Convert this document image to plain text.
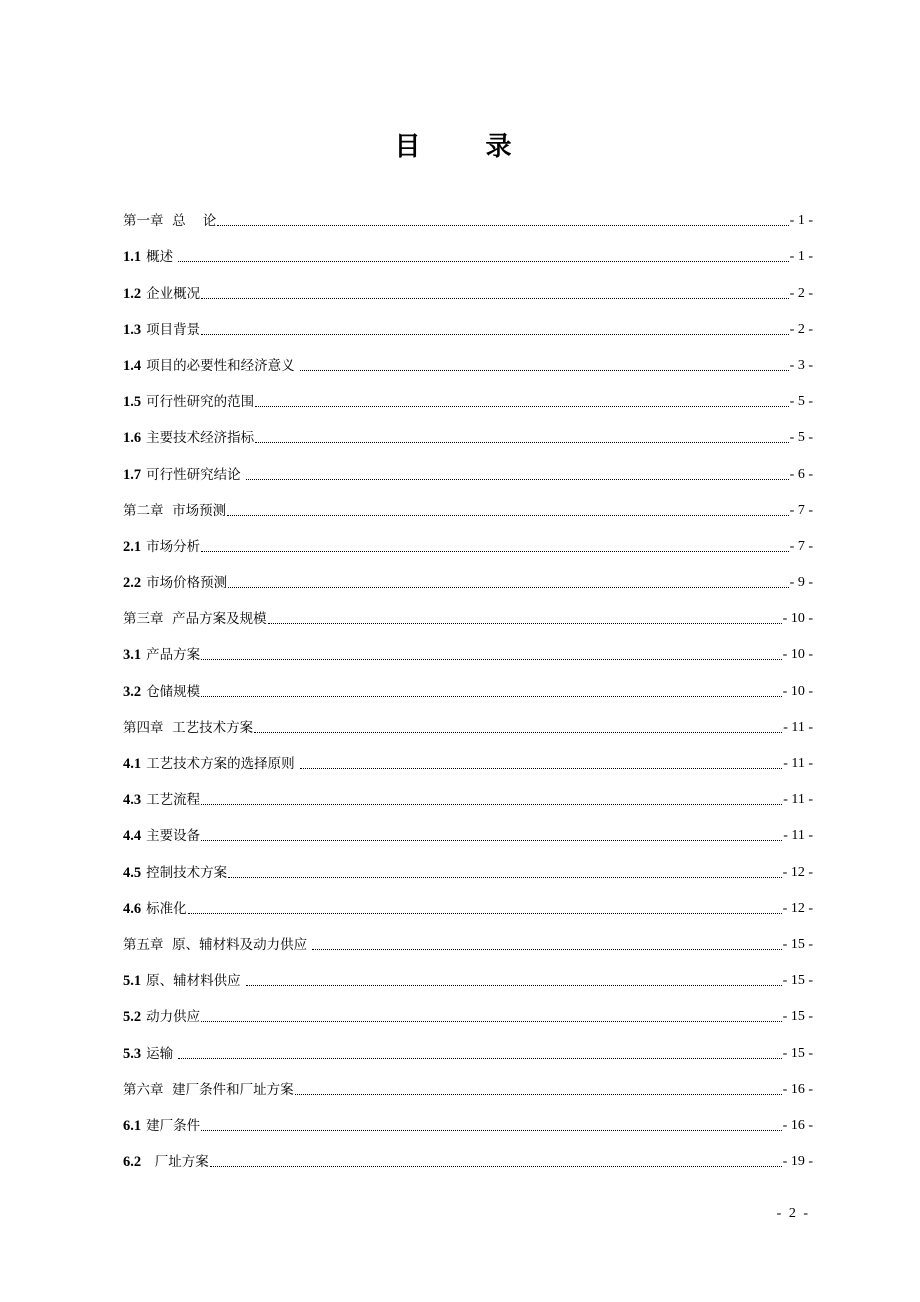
目 录
第一章  总    论	- 1 -
1.1 概述	- 1 -
1.2 企业概况	- 2 -
1.3 项目背景	- 2 -
1.4 项目的必要性和经济意义	- 3 -
1.5 可行性研究的范围	- 5 -
1.6 主要技术经济指标	- 5 -
1.7 可行性研究结论	- 6 -
第二章  市场预测	- 7 -
2.1 市场分析	- 7 -
2.2 市场价格预测	- 9 -
第三章  产品方案及规模	- 10 -
3.1 产品方案	- 10 -
3.2 仓储规模	- 10 -
第四章  工艺技术方案	- 11 -
4.1 工艺技术方案的选择原则	- 11 -
4.3 工艺流程	- 11 -
4.4 主要设备	- 11 -
4.5 控制技术方案	- 12 -
4.6 标准化	- 12 -
第五章  原、辅材料及动力供应	- 15 -
5.1 原、辅材料供应	- 15 -
5.2 动力供应	- 15 -
5.3 运输	- 15 -
第六章  建厂条件和厂址方案	- 16 -
6.1 建厂条件	- 16 -
6.2 厂址方案	- 19 -
- 2 -
